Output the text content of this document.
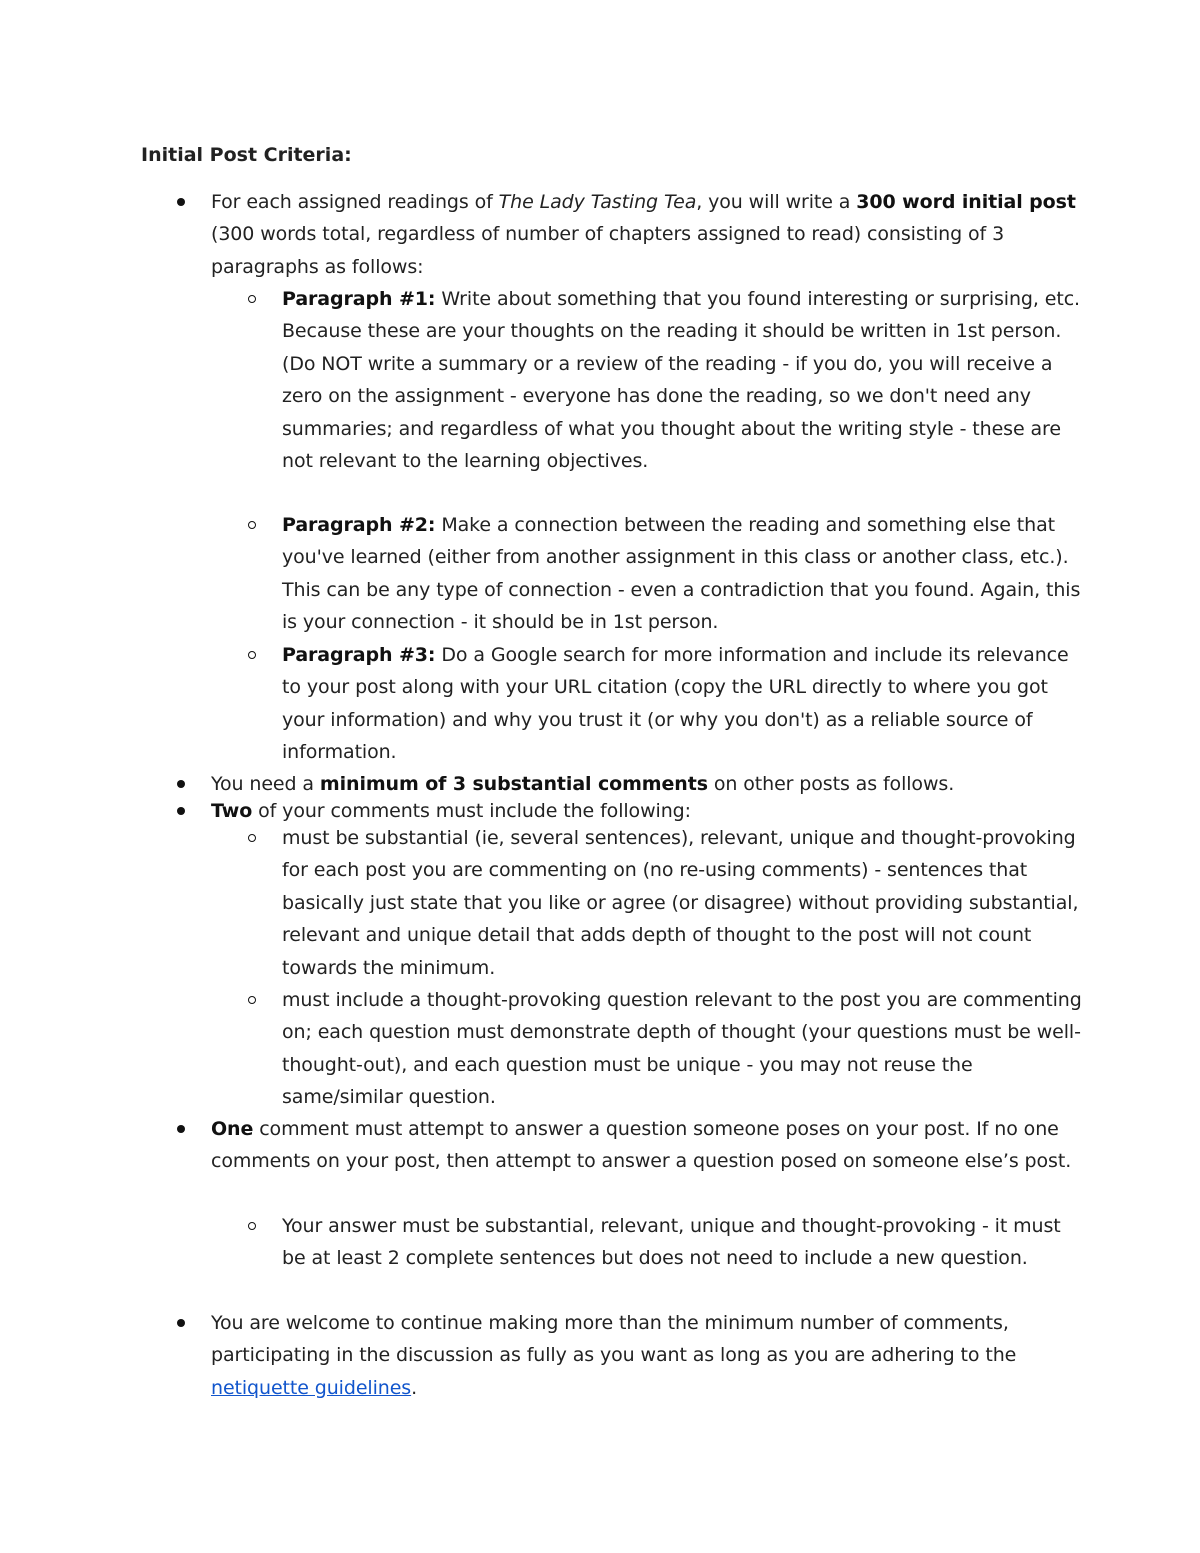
Initial Post Criteria:
For each assigned readings of The Lady Tasting Tea, you will write a 300 word initial post (300 words total, regardless of number of chapters assigned to read) consisting of 3 paragraphs as follows:
Paragraph #1: Write about something that you found interesting or surprising, etc. Because these are your thoughts on the reading it should be written in 1st person. (Do NOT write a summary or a review of the reading - if you do, you will receive a zero on the assignment - everyone has done the reading, so we don't need any summaries; and regardless of what you thought about the writing style - these are not relevant to the learning objectives.
Paragraph #2: Make a connection between the reading and something else that you've learned (either from another assignment in this class or another class, etc.). This can be any type of connection - even a contradiction that you found. Again, this is your connection - it should be in 1st person.
Paragraph #3: Do a Google search for more information and include its relevance to your post along with your URL citation (copy the URL directly to where you got your information) and why you trust it (or why you don't) as a reliable source of information.
You need a minimum of 3 substantial comments on other posts as follows.
Two of your comments must include the following:
must be substantial (ie, several sentences), relevant, unique and thought-provoking for each post you are commenting on (no re-using comments) - sentences that basically just state that you like or agree (or disagree) without providing substantial, relevant and unique detail that adds depth of thought to the post will not count towards the minimum.
must include a thought-provoking question relevant to the post you are commenting on; each question must demonstrate depth of thought (your questions must be well-thought-out), and each question must be unique - you may not reuse the same/similar question.
One comment must attempt to answer a question someone poses on your post. If no one comments on your post, then attempt to answer a question posed on someone else’s post.
Your answer must be substantial, relevant, unique and thought-provoking - it must be at least 2 complete sentences but does not need to include a new question.
You are welcome to continue making more than the minimum number of comments, participating in the discussion as fully as you want as long as you are adhering to the netiquette guidelines.
